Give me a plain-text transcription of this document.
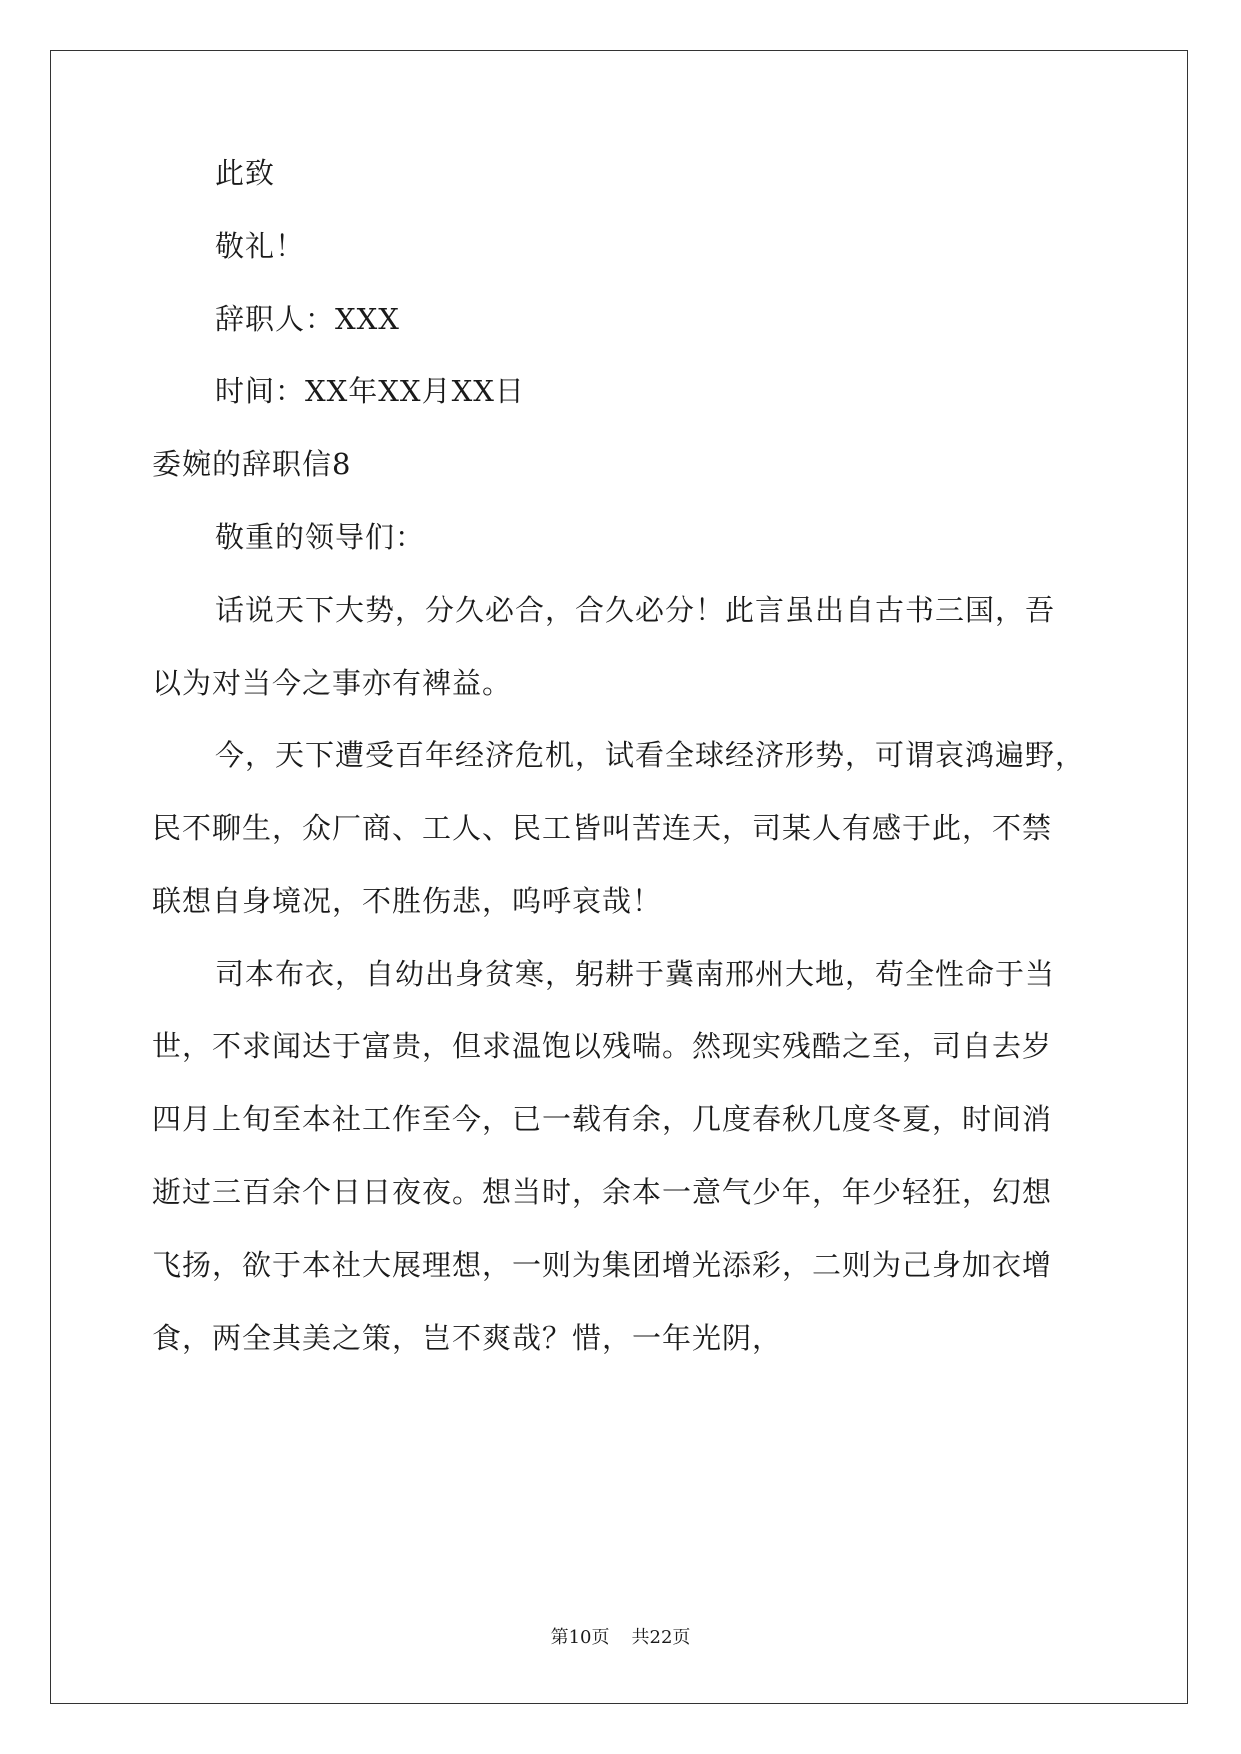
此致
敬礼！
辞职人：XXX
时间：XX年XX月XX日
委婉的辞职信8
敬重的领导们：
话说天下大势，分久必合，合久必分！此言虽出自古书三国，吾
以为对当今之事亦有裨益。
今，天下遭受百年经济危机，试看全球经济形势，可谓哀鸿遍野，
民不聊生，众厂商、工人、民工皆叫苦连天，司某人有感于此，不禁
联想自身境况，不胜伤悲，呜呼哀哉！
司本布衣，自幼出身贫寒，躬耕于冀南邢州大地，苟全性命于当
世，不求闻达于富贵，但求温饱以残喘。然现实残酷之至，司自去岁
四月上旬至本社工作至今，已一载有余，几度春秋几度冬夏，时间消
逝过三百余个日日夜夜。想当时，余本一意气少年，年少轻狂，幻想
飞扬，欲于本社大展理想，一则为集团增光添彩，二则为己身加衣增
食，两全其美之策，岂不爽哉？惜，一年光阴，
第10页 共22页
